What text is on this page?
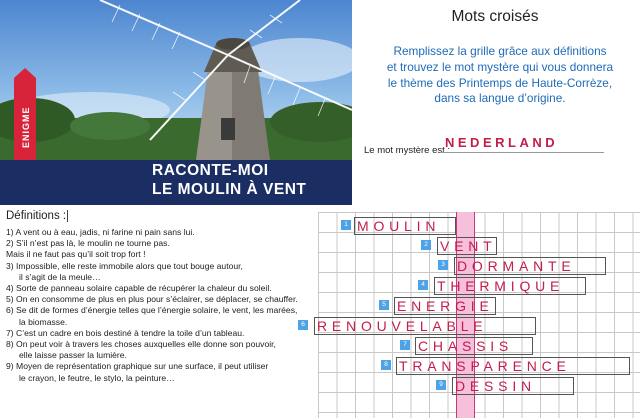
ENIGME
RACONTE-MOI
LE MOULIN À VENT
Mots croisés
Remplissez la grille grâce aux définitions
et trouvez le mot mystère qui vous donnera
le thème des Printemps de Haute-Corrèze,
dans sa langue d’origine.
Le mot mystère est :
NEDERLAND
Définitions :
1) A vent ou à eau, jadis, ni farine ni pain sans lui.
2) S’il n’est pas là, le moulin ne tourne pas.
Mais il ne faut pas qu’il soit trop fort !
3) Impossible, elle reste immobile alors que tout bouge autour,
il s’agit de la meule…
4) Sorte de panneau solaire capable de récupérer la chaleur du soleil.
5) On en consomme de plus en plus pour s’éclairer, se déplacer, se chauffer.
6) Se dit de formes d’énergie telles que l’énergie solaire, le vent, les marées,
la biomasse.
7) C’est un cadre en bois destiné à tendre la toile d’un tableau.
8) On peut voir à travers les choses auxquelles elle donne son pouvoir,
elle laisse passer la lumière.
9) Moyen de représentation graphique sur une surface, il peut utiliser
le crayon, le feutre, le stylo, la peinture…
1 MOULIN
2 VENT
3 DORMANTE
4 THERMIQUE
5 ENERGIE
6 RENOUVELABLE
7 CHASSIS
8 TRANSPARENCE
9 DESSIN
